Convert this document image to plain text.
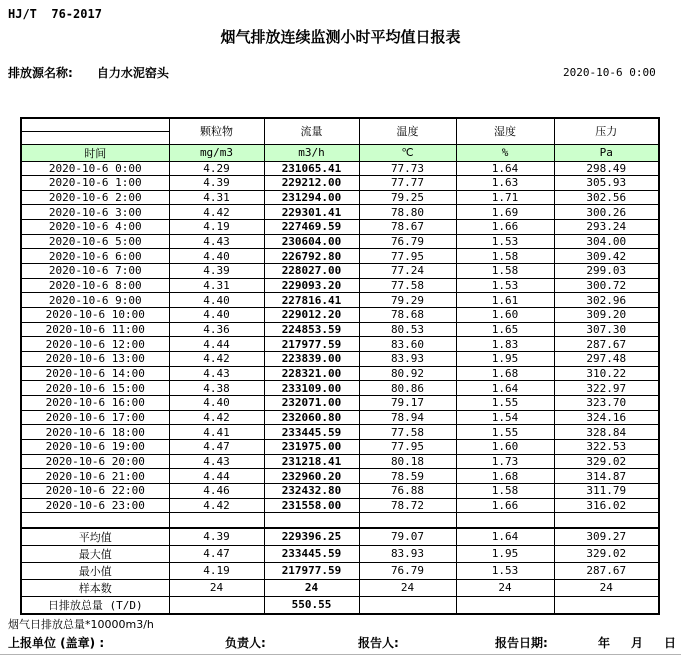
HJ/T  76-2017
烟气排放连续监测小时平均值日报表
排放源名称: 自力水泥窑头	2020-10-6 0:00
	颗粒物	流量	温度	湿度	压力

时间	mg/m3	m3/h	℃	%	Pa
2020-10-6 0:00	4.29	231065.41	77.73	1.64	298.49
2020-10-6 1:00	4.39	229212.00	77.77	1.63	305.93
2020-10-6 2:00	4.31	231294.00	79.25	1.71	302.56
2020-10-6 3:00	4.42	229301.41	78.80	1.69	300.26
2020-10-6 4:00	4.19	227469.59	78.67	1.66	293.24
2020-10-6 5:00	4.43	230604.00	76.79	1.53	304.00
2020-10-6 6:00	4.40	226792.80	77.95	1.58	309.42
2020-10-6 7:00	4.39	228027.00	77.24	1.58	299.03
2020-10-6 8:00	4.31	229093.20	77.58	1.53	300.72
2020-10-6 9:00	4.40	227816.41	79.29	1.61	302.96
2020-10-6 10:00	4.40	229012.20	78.68	1.60	309.20
2020-10-6 11:00	4.36	224853.59	80.53	1.65	307.30
2020-10-6 12:00	4.44	217977.59	83.60	1.83	287.67
2020-10-6 13:00	4.42	223839.00	83.93	1.95	297.48
2020-10-6 14:00	4.43	228321.00	80.92	1.68	310.22
2020-10-6 15:00	4.38	233109.00	80.86	1.64	322.97
2020-10-6 16:00	4.40	232071.00	79.17	1.55	323.70
2020-10-6 17:00	4.42	232060.80	78.94	1.54	324.16
2020-10-6 18:00	4.41	233445.59	77.58	1.55	328.84
2020-10-6 19:00	4.47	231975.00	77.95	1.60	322.53
2020-10-6 20:00	4.43	231218.41	80.18	1.73	329.02
2020-10-6 21:00	4.44	232960.20	78.59	1.68	314.87
2020-10-6 22:00	4.46	232432.80	76.88	1.58	311.79
2020-10-6 23:00	4.42	231558.00	78.72	1.66	316.02

平均值	4.39	229396.25	79.07	1.64	309.27
最大值	4.47	233445.59	83.93	1.95	329.02
最小值	4.19	217977.59	76.79	1.53	287.67
样本数	24	24	24	24	24
日排放总量 (T/D)		550.55			
烟气日排放总量*10000m3/h
上报单位 (盖章) :	负责人:	报告人:	报告日期:	年 月 日
